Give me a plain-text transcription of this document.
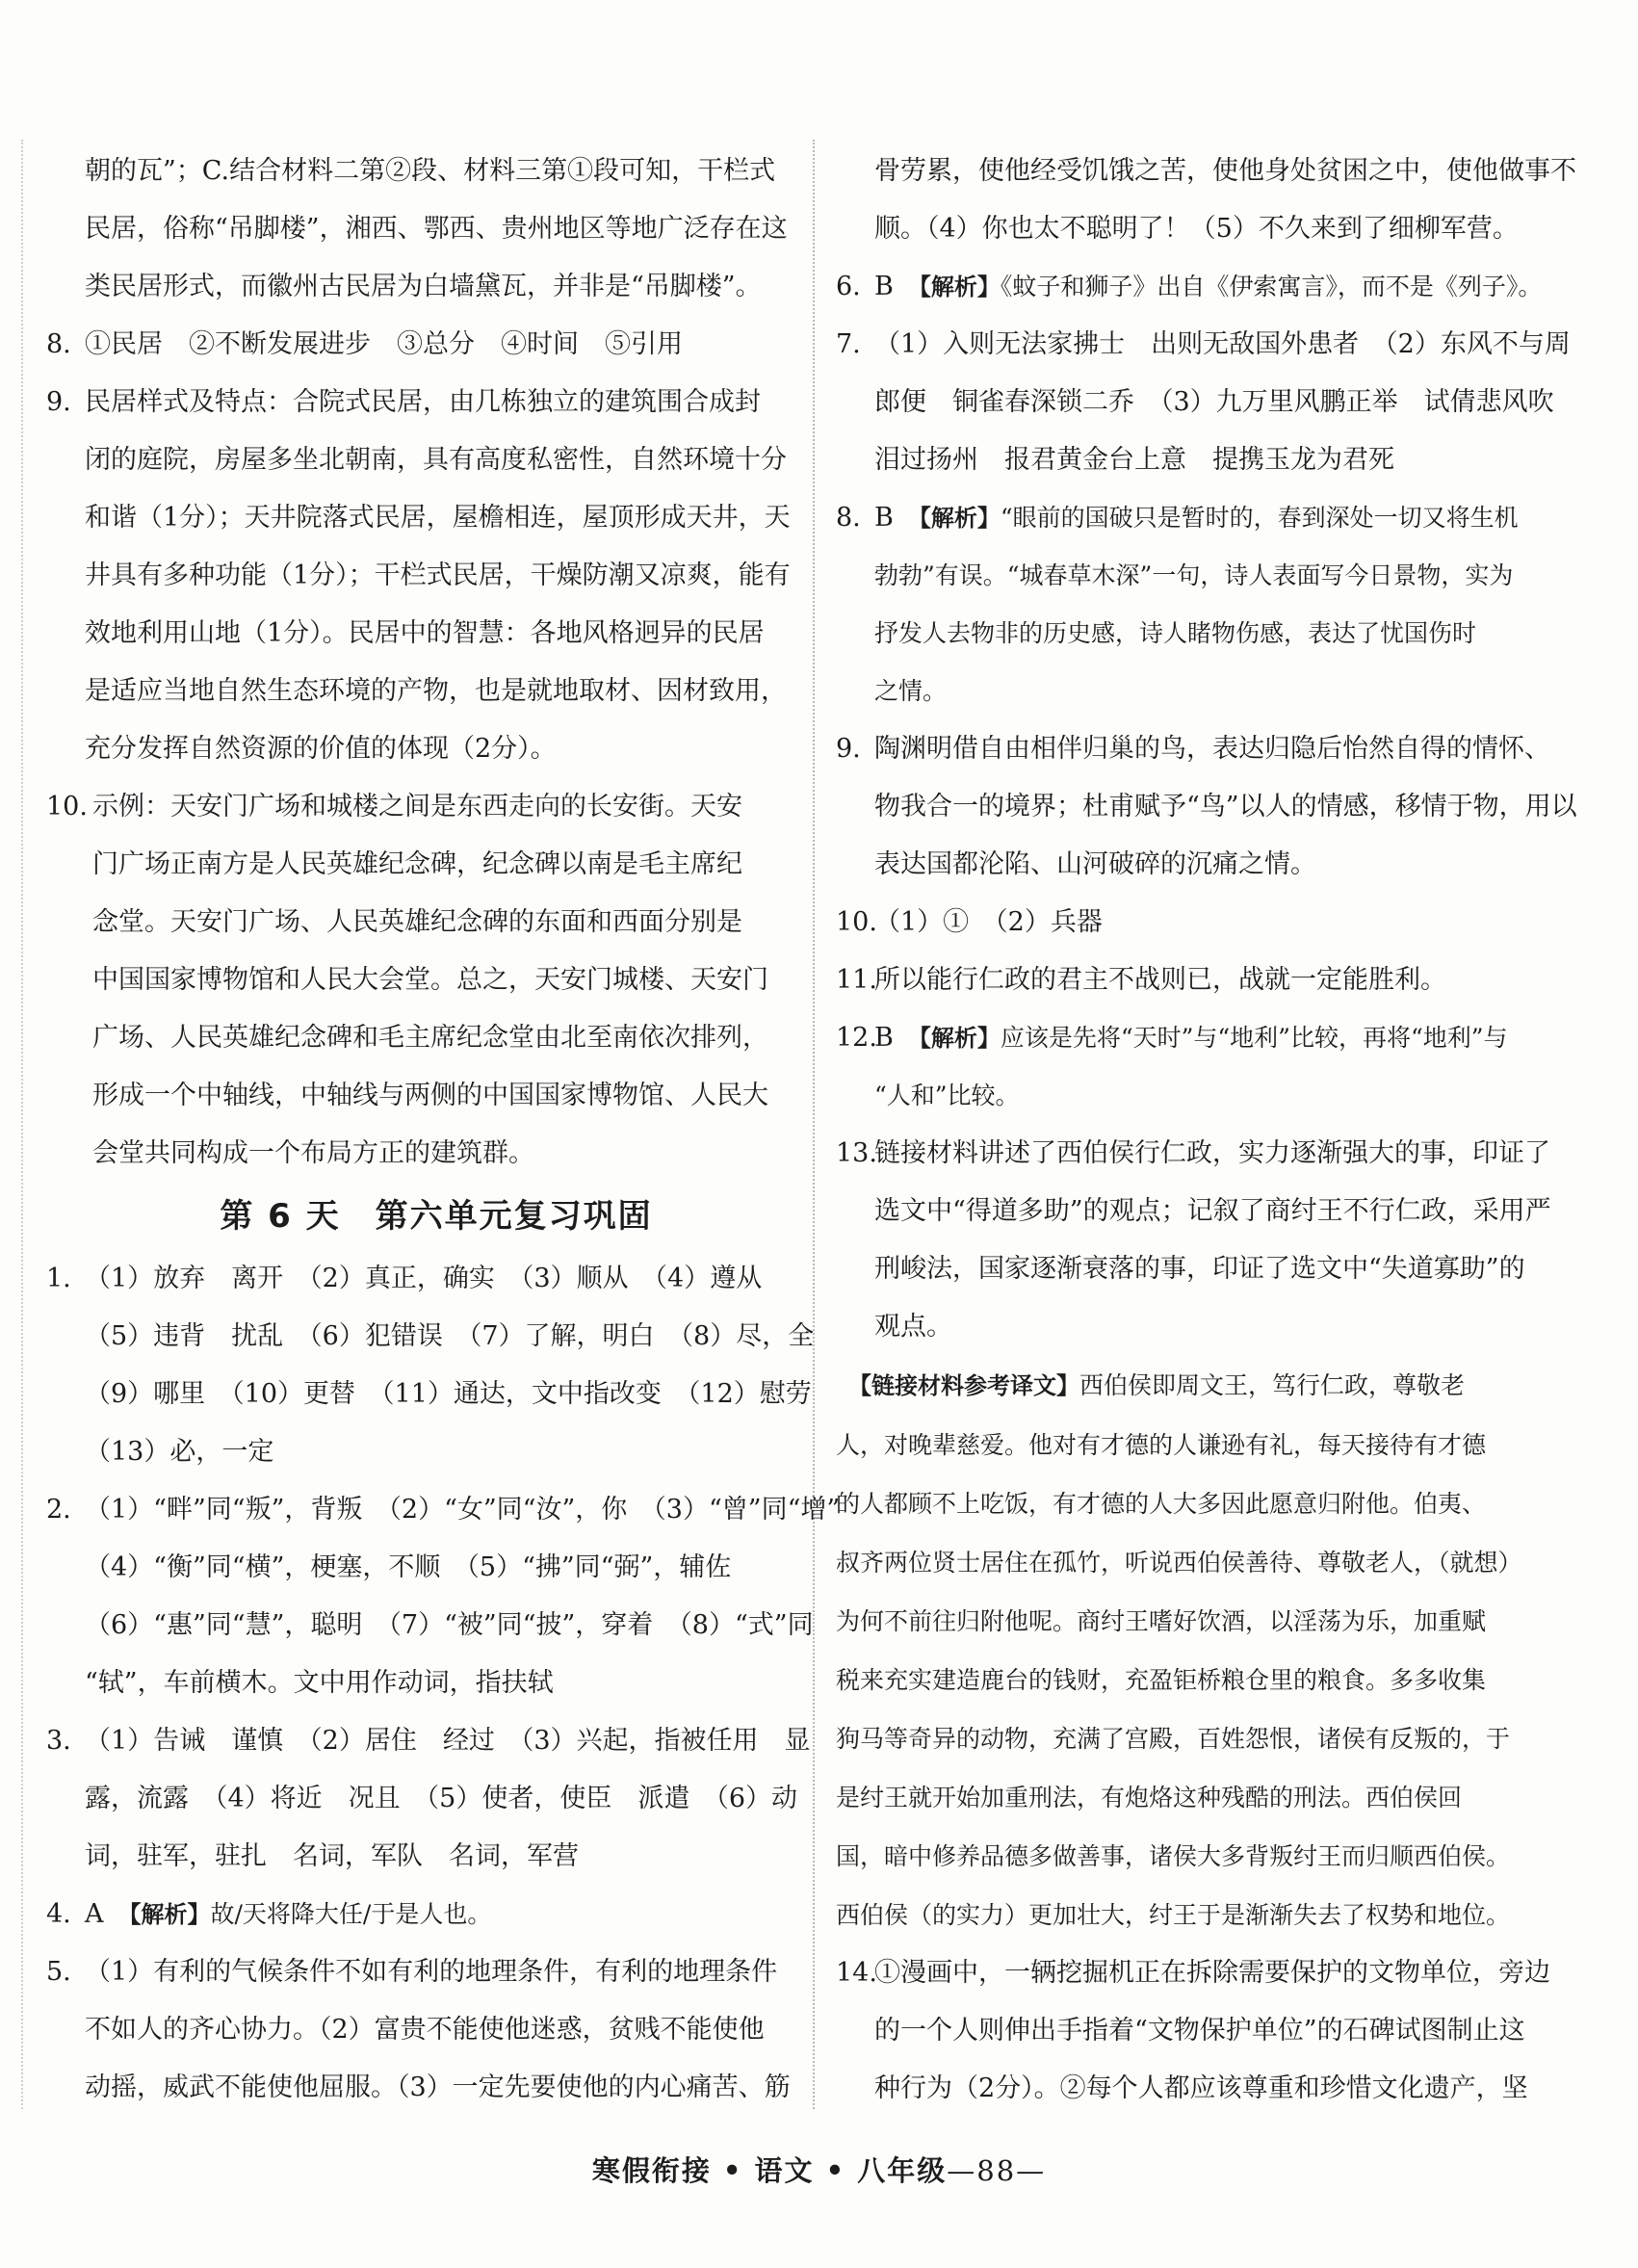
朝的瓦”；C.结合材料二第②段、材料三第①段可知，干栏式

民居，俗称“吊脚楼”，湘西、鄂西、贵州地区等地广泛存在这

类民居形式，而徽州古民居为白墙黛瓦，并非是“吊脚楼”。

8. ①民居　②不断发展进步　③总分　④时间　⑤引用

9. 民居样式及特点：合院式民居，由几栋独立的建筑围合成封

闭的庭院，房屋多坐北朝南，具有高度私密性，自然环境十分

和谐（1分）；天井院落式民居，屋檐相连，屋顶形成天井，天

井具有多种功能（1分）；干栏式民居，干燥防潮又凉爽，能有

效地利用山地（1分）。民居中的智慧：各地风格迥异的民居

是适应当地自然生态环境的产物，也是就地取材、因材致用，

充分发挥自然资源的价值的体现（2分）。

10. 示例：天安门广场和城楼之间是东西走向的长安街。天安

门广场正南方是人民英雄纪念碑，纪念碑以南是毛主席纪

念堂。天安门广场、人民英雄纪念碑的东面和西面分别是

中国国家博物馆和人民大会堂。总之，天安门城楼、天安门

广场、人民英雄纪念碑和毛主席纪念堂由北至南依次排列，

形成一个中轴线，中轴线与两侧的中国国家博物馆、人民大

会堂共同构成一个布局方正的建筑群。

第 6 天　第六单元复习巩固
1. （1）放弃　离开　（2）真正，确实　（3）顺从　（4）遵从

（5）违背　扰乱　（6）犯错误　（7）了解，明白　（8）尽，全

（9）哪里　（10）更替　（11）通达，文中指改变　（12）慰劳

（13）必，一定

2. （1）“畔”同“叛”，背叛　（2）“女”同“汝”，你　（3）“曾”同“增”

（4）“衡”同“横”，梗塞，不顺　（5）“拂”同“弼”，辅佐

（6）“惠”同“慧”，聪明　（7）“被”同“披”，穿着　（8）“式”同

“轼”，车前横木。文中用作动词，指扶轼

3. （1）告诫　谨慎　（2）居住　经过　（3）兴起，指被任用　显

露，流露　（4）将近　况且　（5）使者，使臣　派遣　（6）动

词，驻军，驻扎　名词，军队　名词，军营

4. A　 【解析】故/天将降大任/于是人也。

5. （1）有利的气候条件不如有利的地理条件，有利的地理条件

不如人的齐心协力。（2）富贵不能使他迷惑，贫贱不能使他

动摇，威武不能使他屈服。（3）一定先要使他的内心痛苦、筋

骨劳累，使他经受饥饿之苦，使他身处贫困之中，使他做事不

顺。（4）你也太不聪明了！（5）不久来到了细柳军营。

6. B　 【解析】《蚊子和狮子》出自《伊索寓言》，而不是《列子》。

7. （1）入则无法家拂士　出则无敌国外患者　（2）东风不与周

郎便　铜雀春深锁二乔　（3）九万里风鹏正举　试倩悲风吹

泪过扬州　报君黄金台上意　提携玉龙为君死

8. B　 【解析】“眼前的国破只是暂时的，春到深处一切又将生机

勃勃”有误。“城春草木深”一句，诗人表面写今日景物，实为

抒发人去物非的历史感，诗人睹物伤感，表达了忧国伤时

之情。

9. 陶渊明借自由相伴归巢的鸟，表达归隐后怡然自得的情怀、

物我合一的境界；杜甫赋予“鸟”以人的情感，移情于物，用以

表达国都沦陷、山河破碎的沉痛之情。

10.

（1）①　（2）兵器

11.

所以能行仁政的君主不战则已，战就一定能胜利。

12.

B　 【解析】应该是先将“天时”与“地利”比较，再将“地利”与

“人和”比较。

13.

链接材料讲述了西伯侯行仁政，实力逐渐强大的事，印证了

选文中“得道多助”的观点；记叙了商纣王不行仁政，采用严

刑峻法，国家逐渐衰落的事，印证了选文中“失道寡助”的

观点。

　【链接材料参考译文】西伯侯即周文王，笃行仁政，尊敬老

人，对晚辈慈爱。他对有才德的人谦逊有礼，每天接待有才德

的人都顾不上吃饭，有才德的人大多因此愿意归附他。伯夷、

叔齐两位贤士居住在孤竹，听说西伯侯善待、尊敬老人，（就想）

为何不前往归附他呢。商纣王嗜好饮酒，以淫荡为乐，加重赋

税来充实建造鹿台的钱财，充盈钜桥粮仓里的粮食。多多收集

狗马等奇异的动物，充满了宫殿，百姓怨恨，诸侯有反叛的，于

是纣王就开始加重刑法，有炮烙这种残酷的刑法。西伯侯回

国，暗中修养品德多做善事，诸侯大多背叛纣王而归顺西伯侯。

西伯侯（的实力）更加壮大，纣王于是渐渐失去了权势和地位。

14.

①漫画中，一辆挖掘机正在拆除需要保护的文物单位，旁边

的一个人则伸出手指着“文物保护单位”的石碑试图制止这

种行为（2分）。②每个人都应该尊重和珍惜文化遗产，坚

寒假衔接 • 语文 • 八年级—88—
